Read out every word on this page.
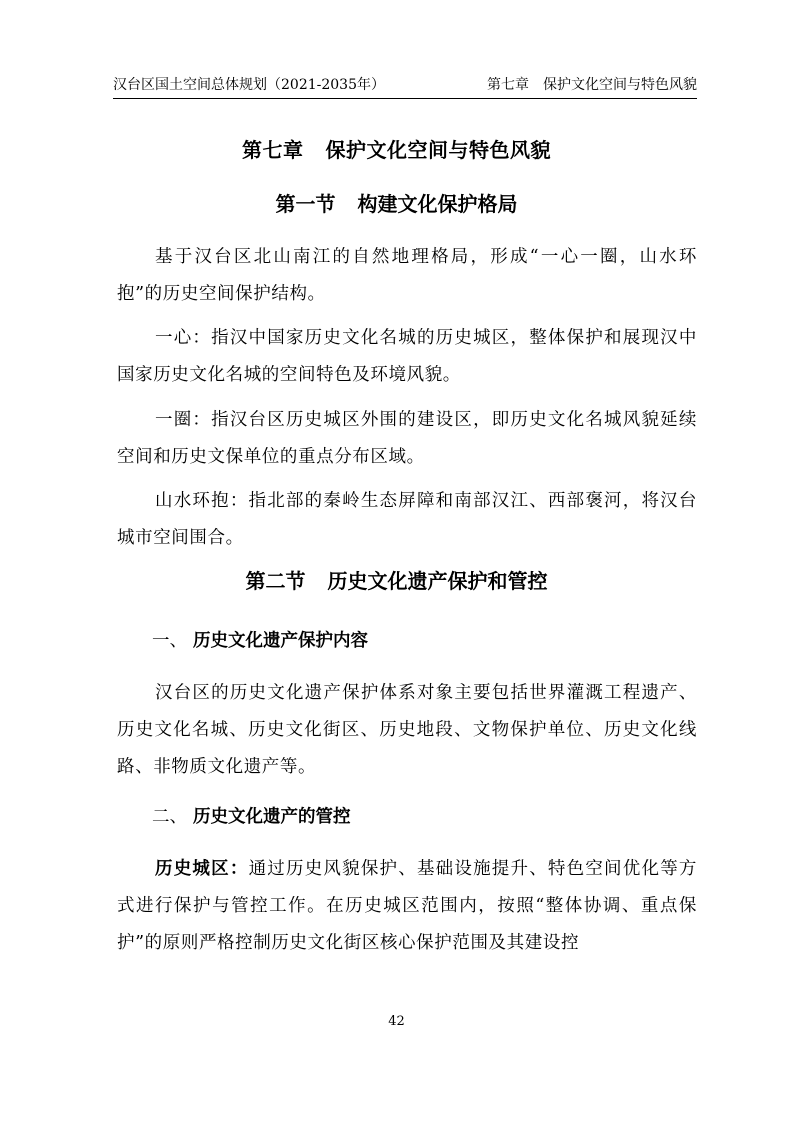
汉台区国土空间总体规划（2021-2035年）	第七章　保护文化空间与特色风貌
第七章 保护文化空间与特色风貌
第一节 构建文化保护格局
基于汉台区北山南江的自然地理格局，形成“一心一圈，山水环抱”的历史空间保护结构。
一心：指汉中国家历史文化名城的历史城区，整体保护和展现汉中国家历史文化名城的空间特色及环境风貌。
一圈：指汉台区历史城区外围的建设区，即历史文化名城风貌延续空间和历史文保单位的重点分布区域。
山水环抱：指北部的秦岭生态屏障和南部汉江、西部褒河，将汉台城市空间围合。
第二节 历史文化遗产保护和管控
一、 历史文化遗产保护内容
汉台区的历史文化遗产保护体系对象主要包括世界灌溉工程遗产、历史文化名城、历史文化街区、历史地段、文物保护单位、历史文化线路、非物质文化遗产等。
二、 历史文化遗产的管控
历史城区：通过历史风貌保护、基础设施提升、特色空间优化等方式进行保护与管控工作。在历史城区范围内，按照“整体协调、重点保护”的原则严格控制历史文化街区核心保护范围及其建设控
42
